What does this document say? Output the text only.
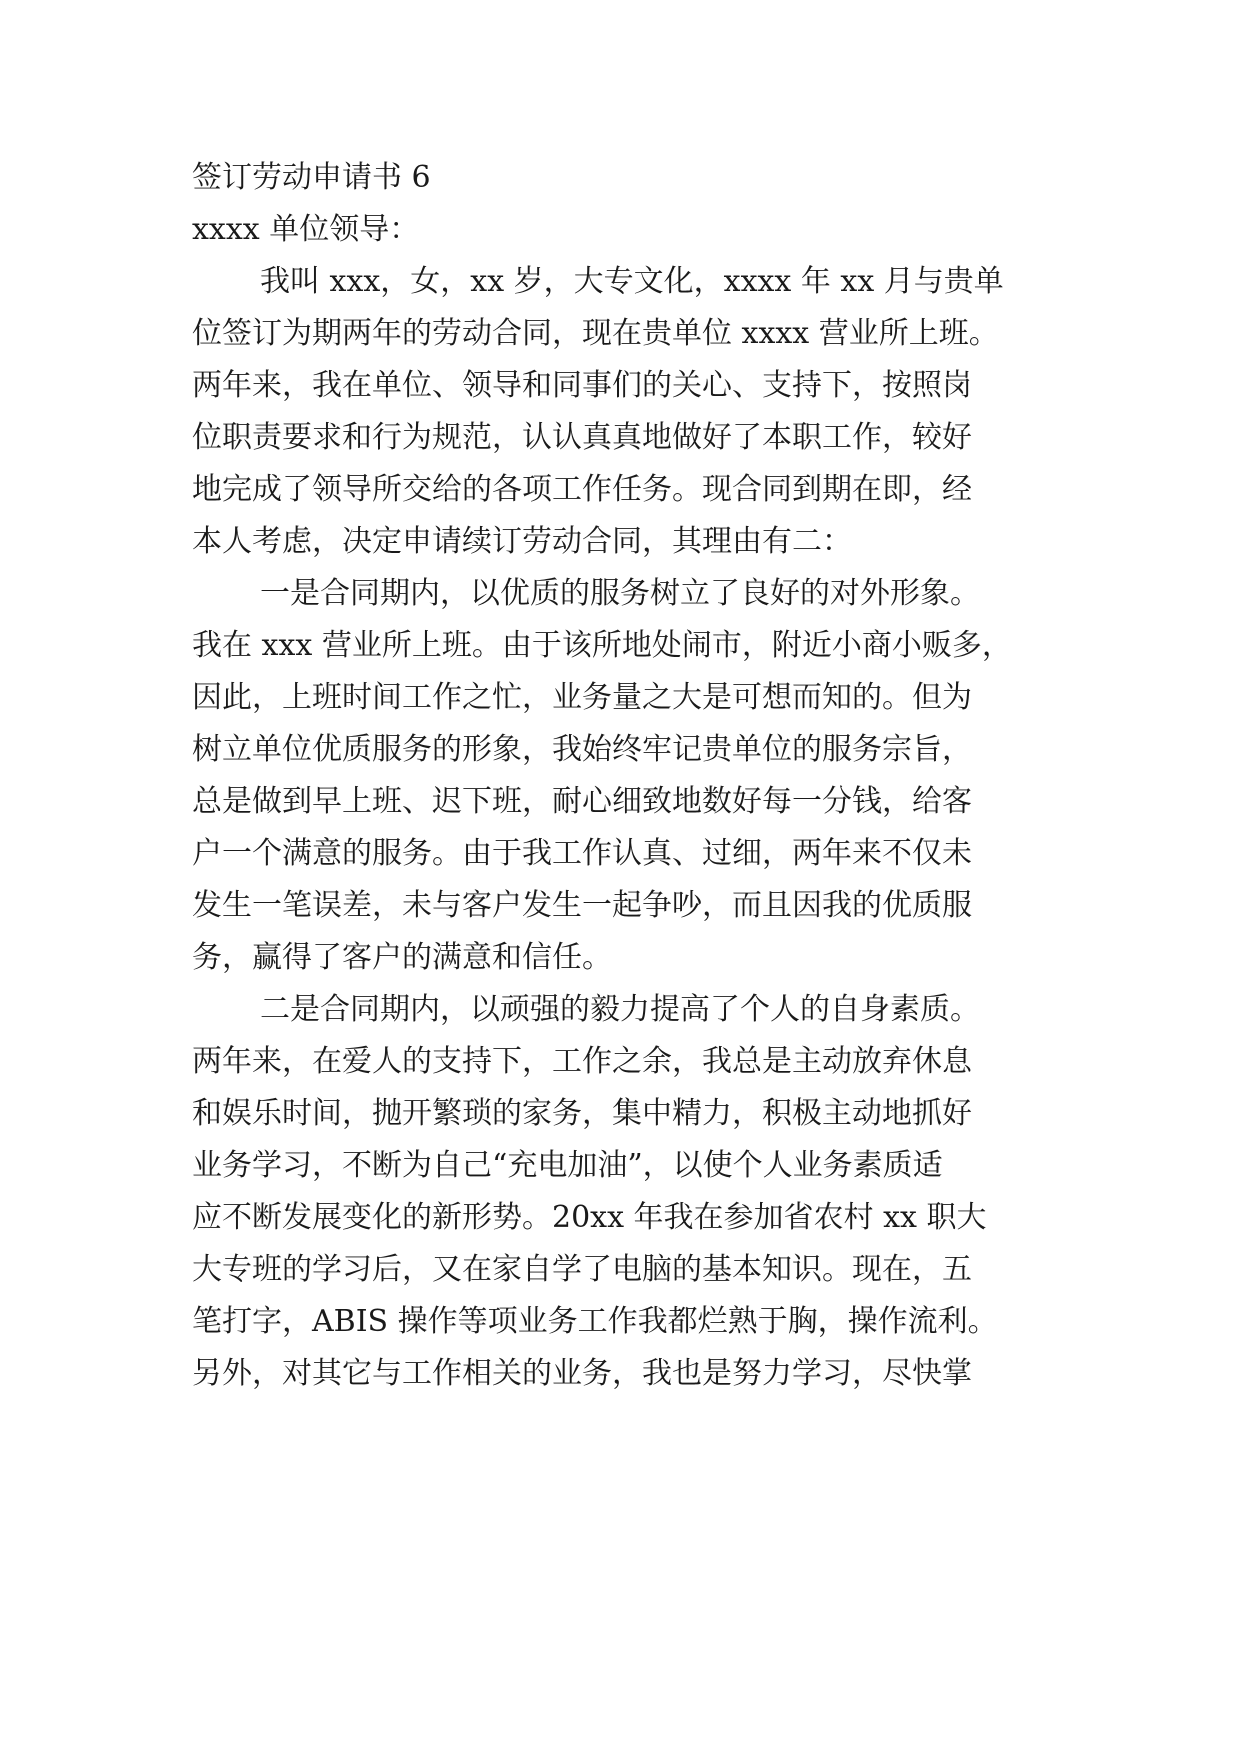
签订劳动申请书 6
xxxx 单位领导：
我叫 xxx，女，xx 岁，大专文化，xxxx 年 xx 月与贵单
位签订为期两年的劳动合同，现在贵单位 xxxx 营业所上班。
两年来，我在单位、领导和同事们的关心、支持下，按照岗
位职责要求和行为规范，认认真真地做好了本职工作，较好
地完成了领导所交给的各项工作任务。现合同到期在即，经
本人考虑，决定申请续订劳动合同，其理由有二：
一是合同期内，以优质的服务树立了良好的对外形象。
我在 xxx 营业所上班。由于该所地处闹市，附近小商小贩多，
因此，上班时间工作之忙，业务量之大是可想而知的。但为
树立单位优质服务的形象，我始终牢记贵单位的服务宗旨，
总是做到早上班、迟下班，耐心细致地数好每一分钱，给客
户一个满意的服务。由于我工作认真、过细，两年来不仅未
发生一笔误差，未与客户发生一起争吵，而且因我的优质服
务，赢得了客户的满意和信任。
二是合同期内，以顽强的毅力提高了个人的自身素质。
两年来，在爱人的支持下，工作之余，我总是主动放弃休息
和娱乐时间，抛开繁琐的家务，集中精力，积极主动地抓好
业务学习，不断为自己“充电加油”，以使个人业务素质适
应不断发展变化的新形势。20xx 年我在参加省农村 xx 职大
大专班的学习后，又在家自学了电脑的基本知识。现在，五
笔打字，ABIS 操作等项业务工作我都烂熟于胸，操作流利。
另外，对其它与工作相关的业务，我也是努力学习，尽快掌
